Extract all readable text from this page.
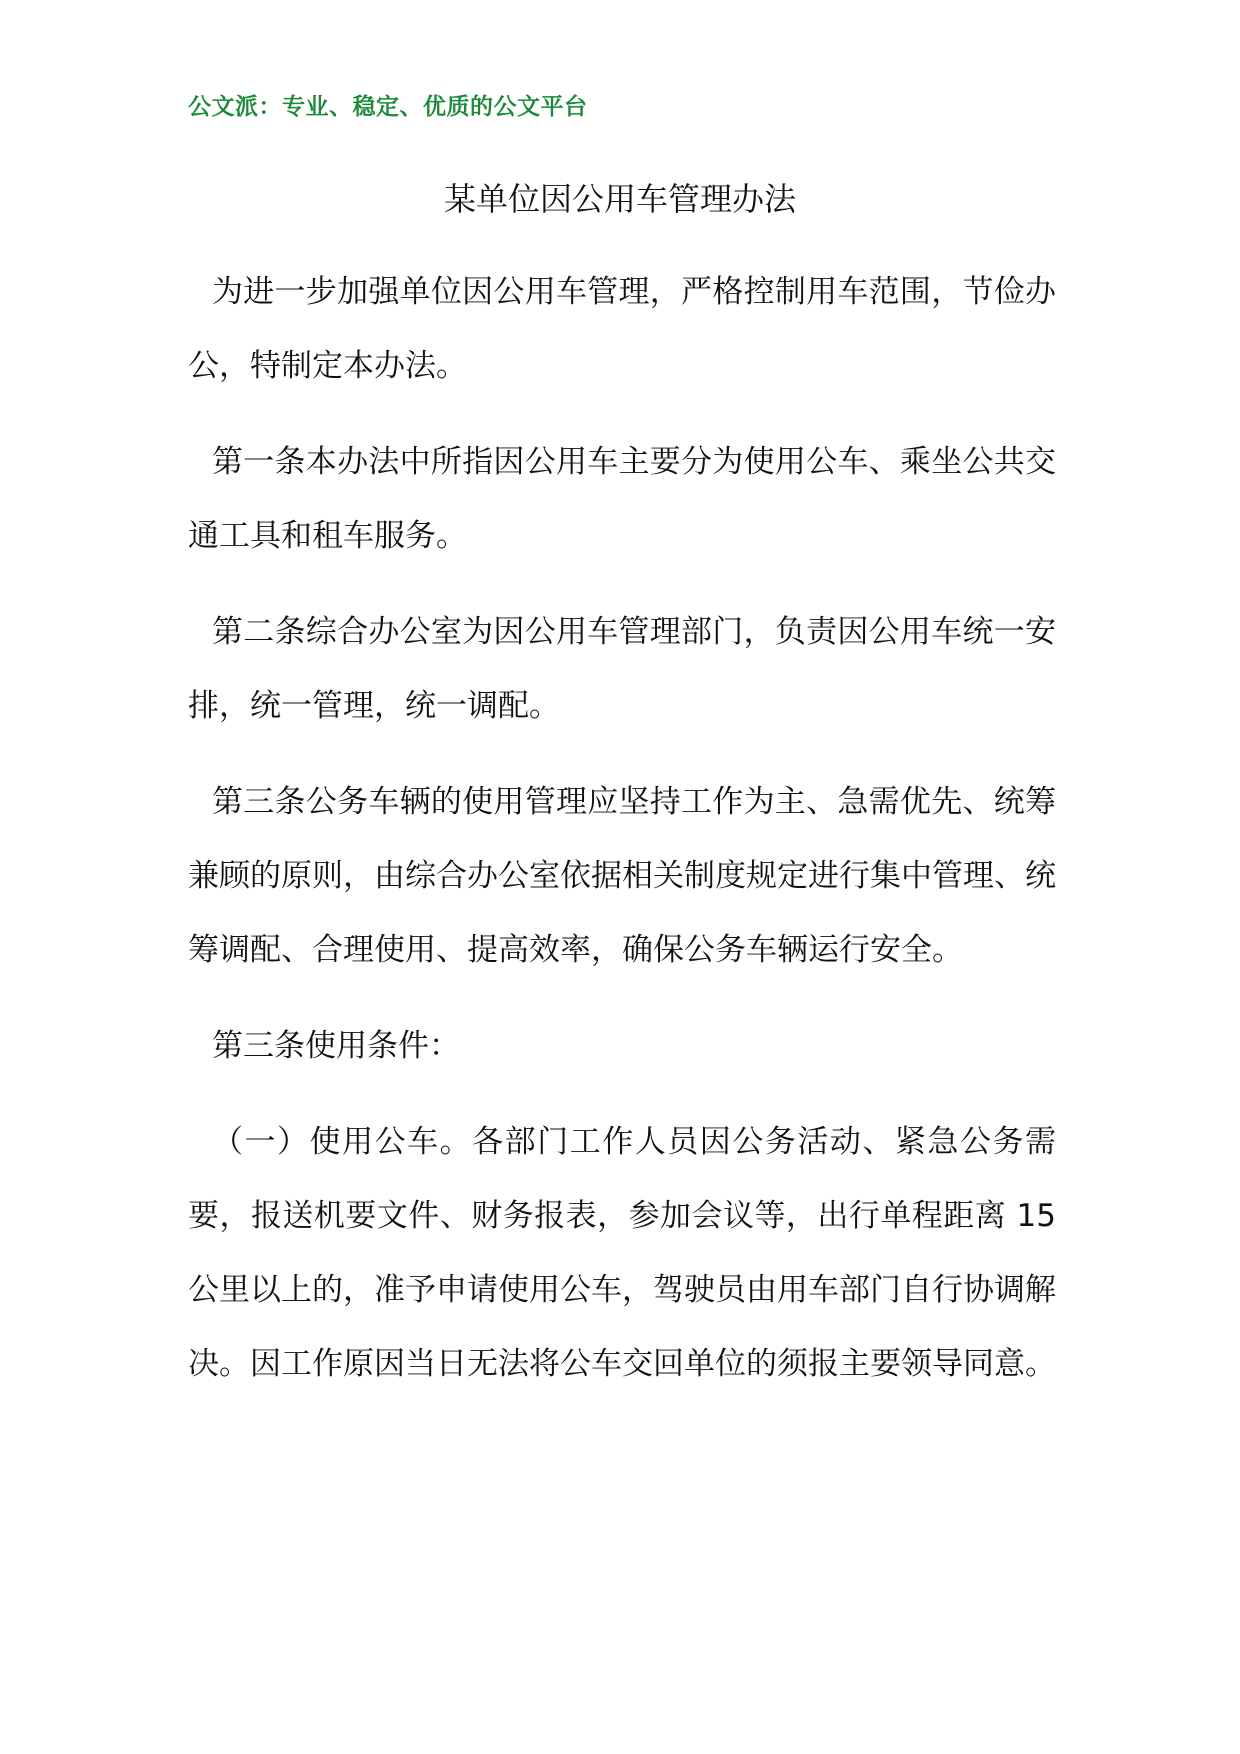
公文派：专业、稳定、优质的公文平台
某单位因公用车管理办法

为进一步加强单位因公用车管理，严格控制用车范围，节俭办公，特制定本办法。

第一条本办法中所指因公用车主要分为使用公车、乘坐公共交通工具和租车服务。

第二条综合办公室为因公用车管理部门，负责因公用车统一安排，统一管理，统一调配。

第三条公务车辆的使用管理应坚持工作为主、急需优先、统筹兼顾的原则，由综合办公室依据相关制度规定进行集中管理、统筹调配、合理使用、提高效率，确保公务车辆运行安全。

第三条使用条件：

（一）使用公车。各部门工作人员因公务活动、紧急公务需要，报送机要文件、财务报表，参加会议等，出行单程距离 15 公里以上的，准予申请使用公车，驾驶员由用车部门自行协调解决。因工作原因当日无法将公车交回单位的须报主要领导同意。
